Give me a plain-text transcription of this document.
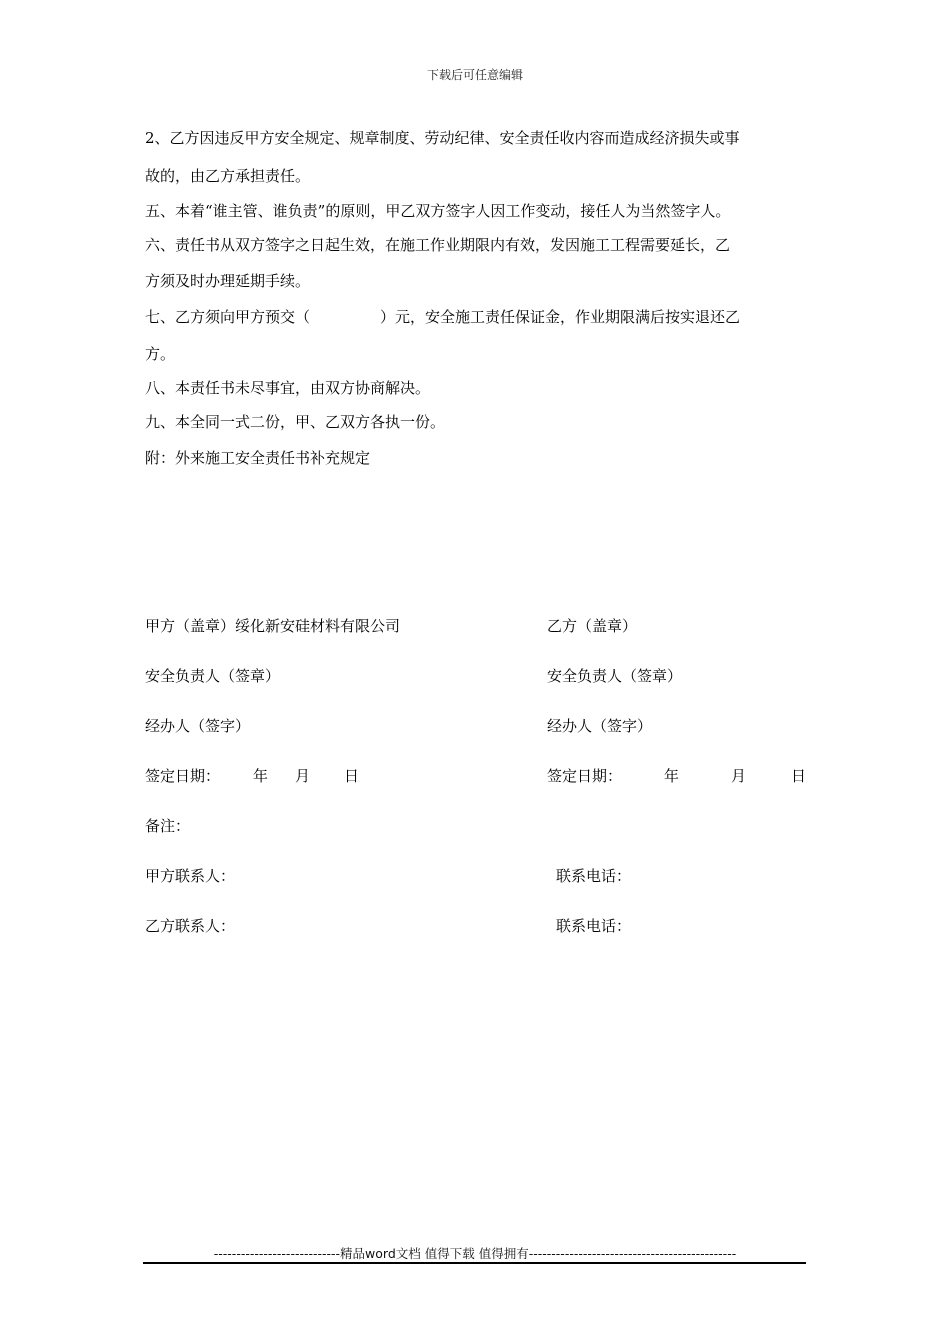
下载后可任意编辑
2、乙方因违反甲方安全规定、规章制度、劳动纪律、安全责任收内容而造成经济损失或事
故的，由乙方承担责任。
五、本着“谁主管、谁负责”的原则，甲乙双方签字人因工作变动，接任人为当然签字人。
六、责任书从双方签字之日起生效，在施工作业期限内有效，发因施工工程需要延长，乙
方须及时办理延期手续。
七、乙方须向甲方预交（	）元，安全施工责任保证金，作业期限满后按实退还乙
方。
八、本责任书未尽事宜，由双方协商解决。
九、本全同一式二份，甲、乙双方各执一份。
附：外来施工安全责任书补充规定
甲方（盖章）绥化新安硅材料有限公司	乙方（盖章）
安全负责人（签章）	安全负责人（签章）
经办人（签字）	经办人（签字）
签定日期： 年 月 日	签定日期：	年	月	日
备注：
甲方联系人：	联系电话：
乙方联系人：	联系电话：
----------------------------精品word文档 值得下载 值得拥有----------------------------------------------
